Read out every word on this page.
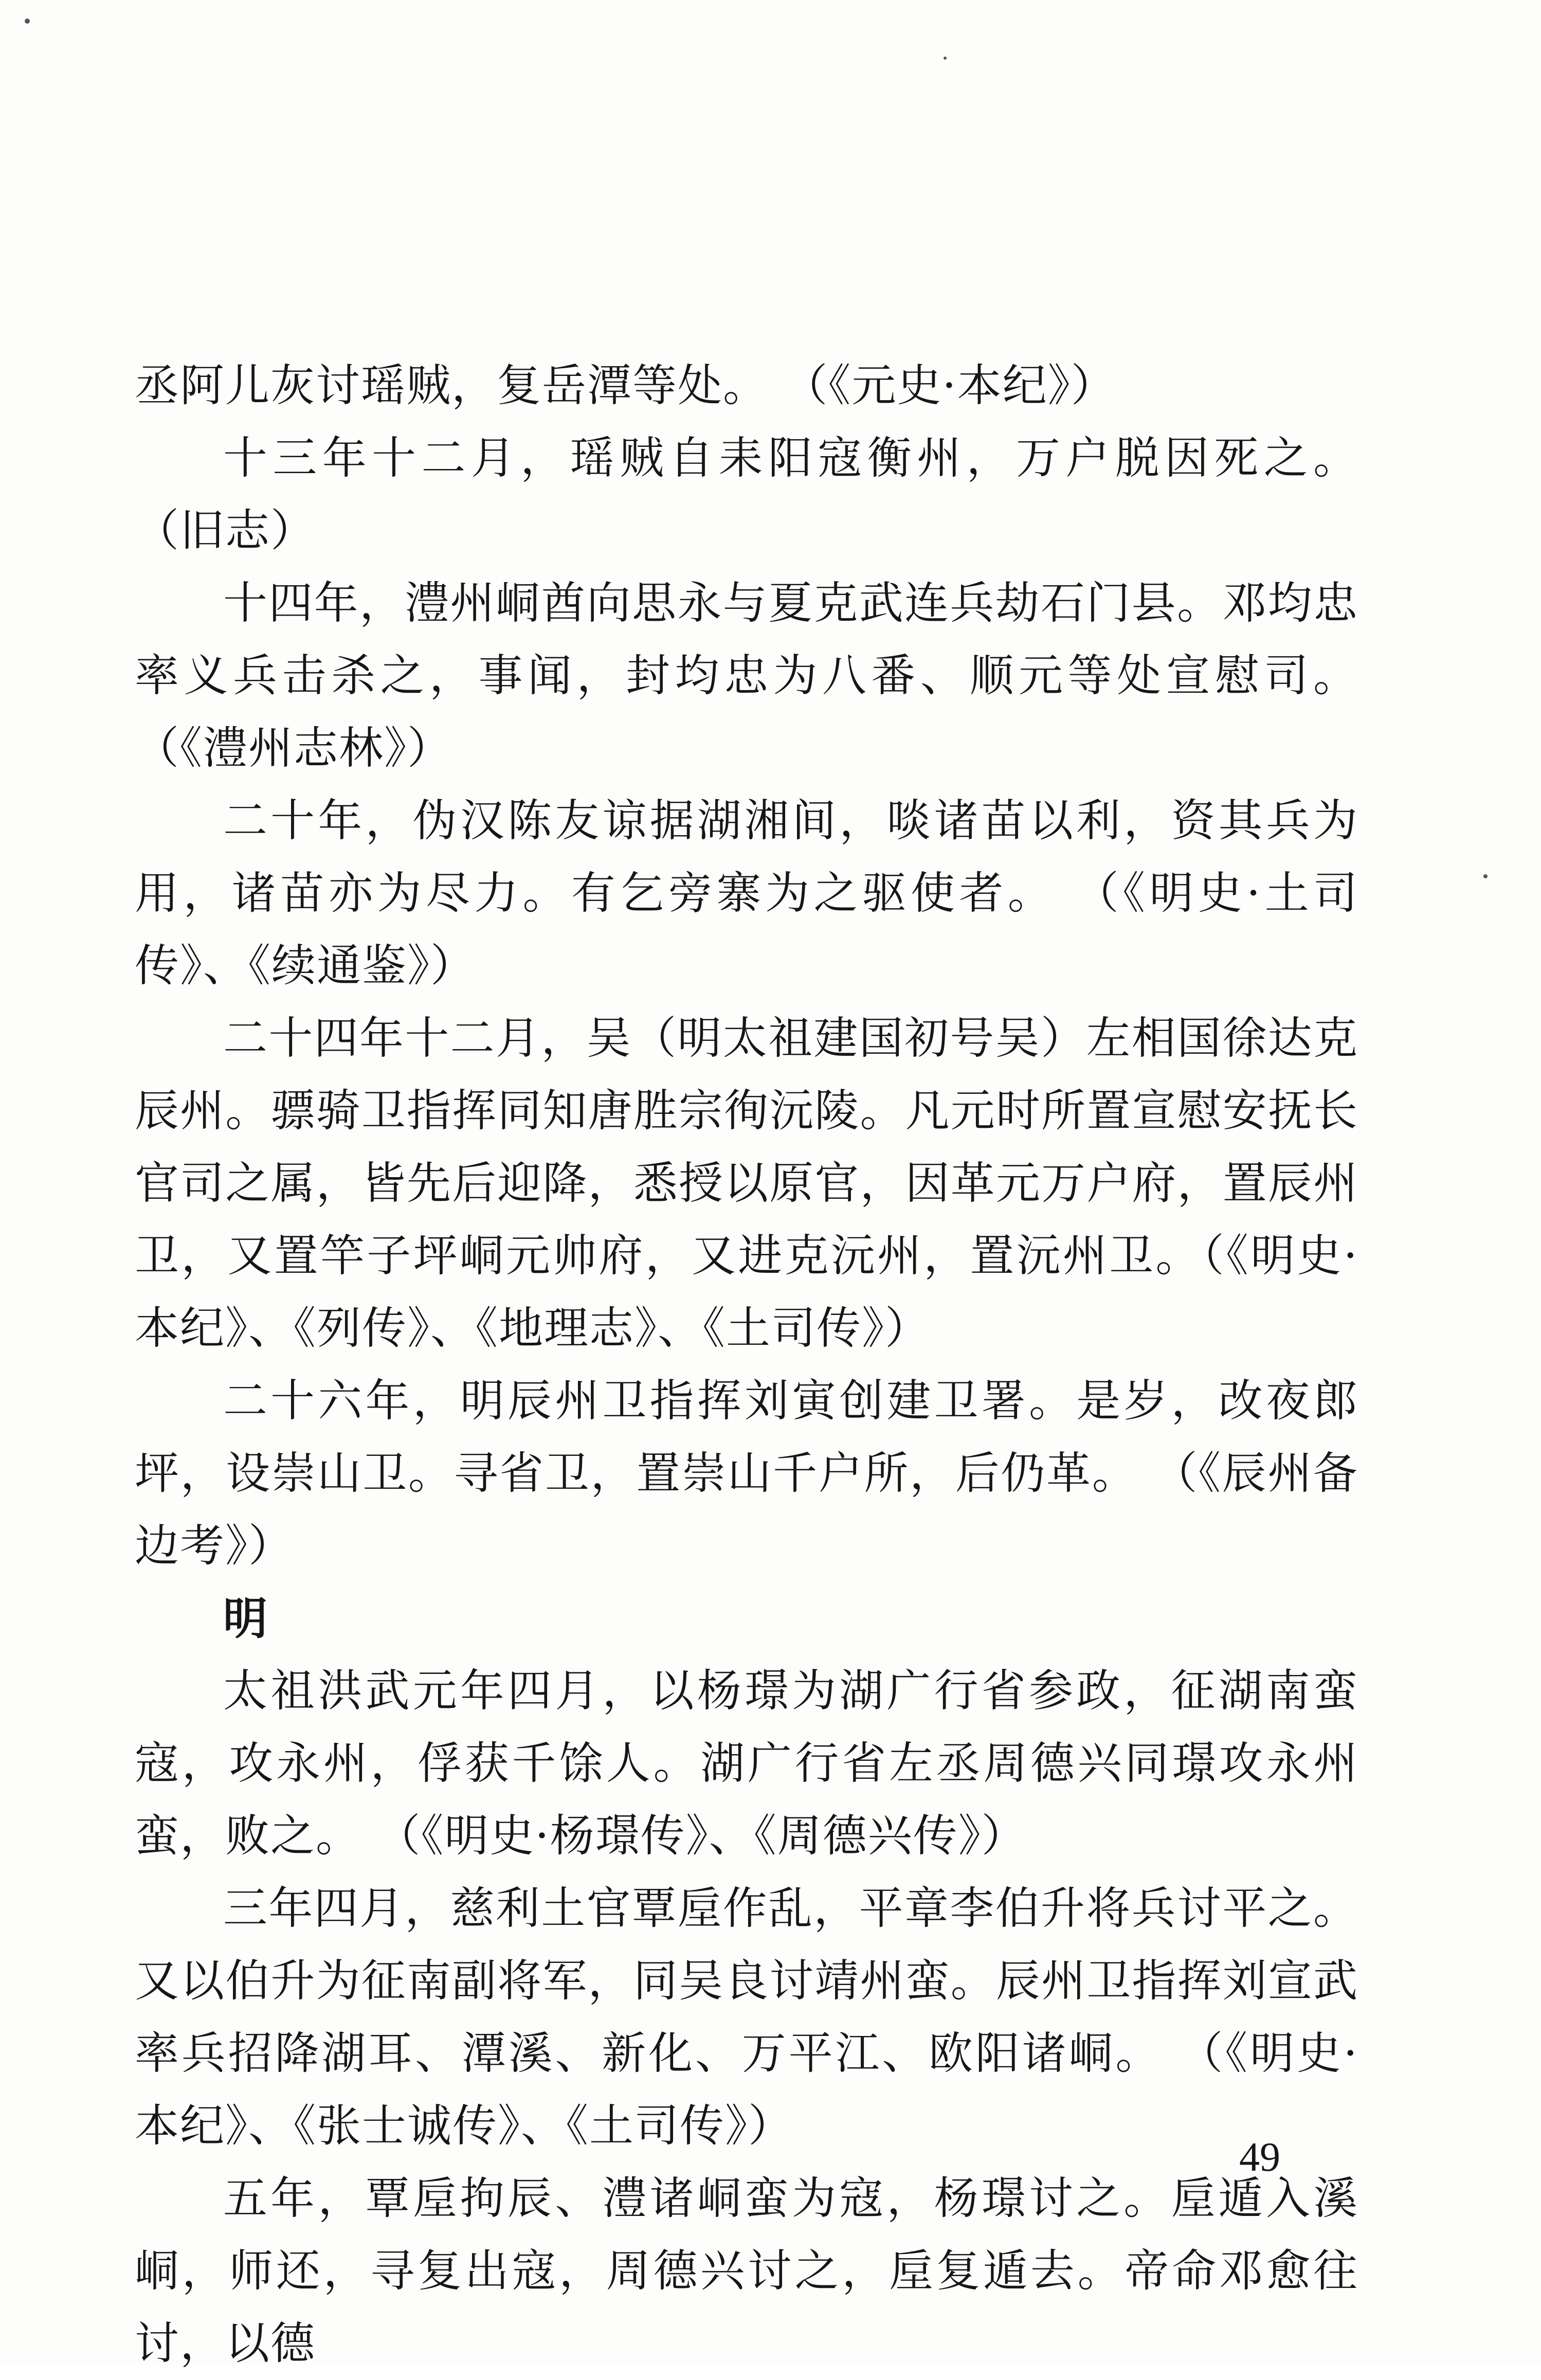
丞阿儿灰讨瑶贼，复岳潭等处。 （《元史·本纪》）

十三年十二月，瑶贼自耒阳寇衡州，万户脱因死之。 （旧志）

十四年，澧州峒酋向思永与夏克武连兵劫石门县。邓均忠率义兵击杀之，事闻，封均忠为八番、顺元等处宣慰司。 （《澧州志林》）

二十年，伪汉陈友谅据湖湘间，啖诸苗以利，资其兵为用，诸苗亦为尽力。有乞旁寨为之驱使者。 （《明史·土司传》、《续通鉴》）

二十四年十二月，吴（明太祖建国初号吴）左相国徐达克辰州。骠骑卫指挥同知唐胜宗徇沅陵。凡元时所置宣慰安抚长官司之属，皆先后迎降，悉授以原官，因革元万户府，置辰州卫，又置竿子坪峒元帅府，又进克沅州，置沅州卫。（《明史·本纪》、《列传》、《地理志》、《土司传》）

二十六年，明辰州卫指挥刘寅创建卫署。是岁，改夜郎坪，设崇山卫。寻省卫，置崇山千户所，后仍革。 （《辰州备边考》）

明

太祖洪武元年四月，以杨璟为湖广行省参政，征湖南蛮寇，攻永州，俘获千馀人。湖广行省左丞周德兴同璟攻永州蛮，败之。 （《明史·杨璟传》、《周德兴传》）

三年四月，慈利土官覃垕作乱，平章李伯升将兵讨平之。又以伯升为征南副将军，同吴良讨靖州蛮。辰州卫指挥刘宣武率兵招降湖耳、潭溪、新化、万平江、欧阳诸峒。 （《明史·本纪》、《张士诚传》、《土司传》）

五年，覃垕拘辰、澧诸峒蛮为寇，杨璟讨之。垕遁入溪峒，师还，寻复出寇，周德兴讨之，垕复遁去。帝命邓愈往讨，以德

49
